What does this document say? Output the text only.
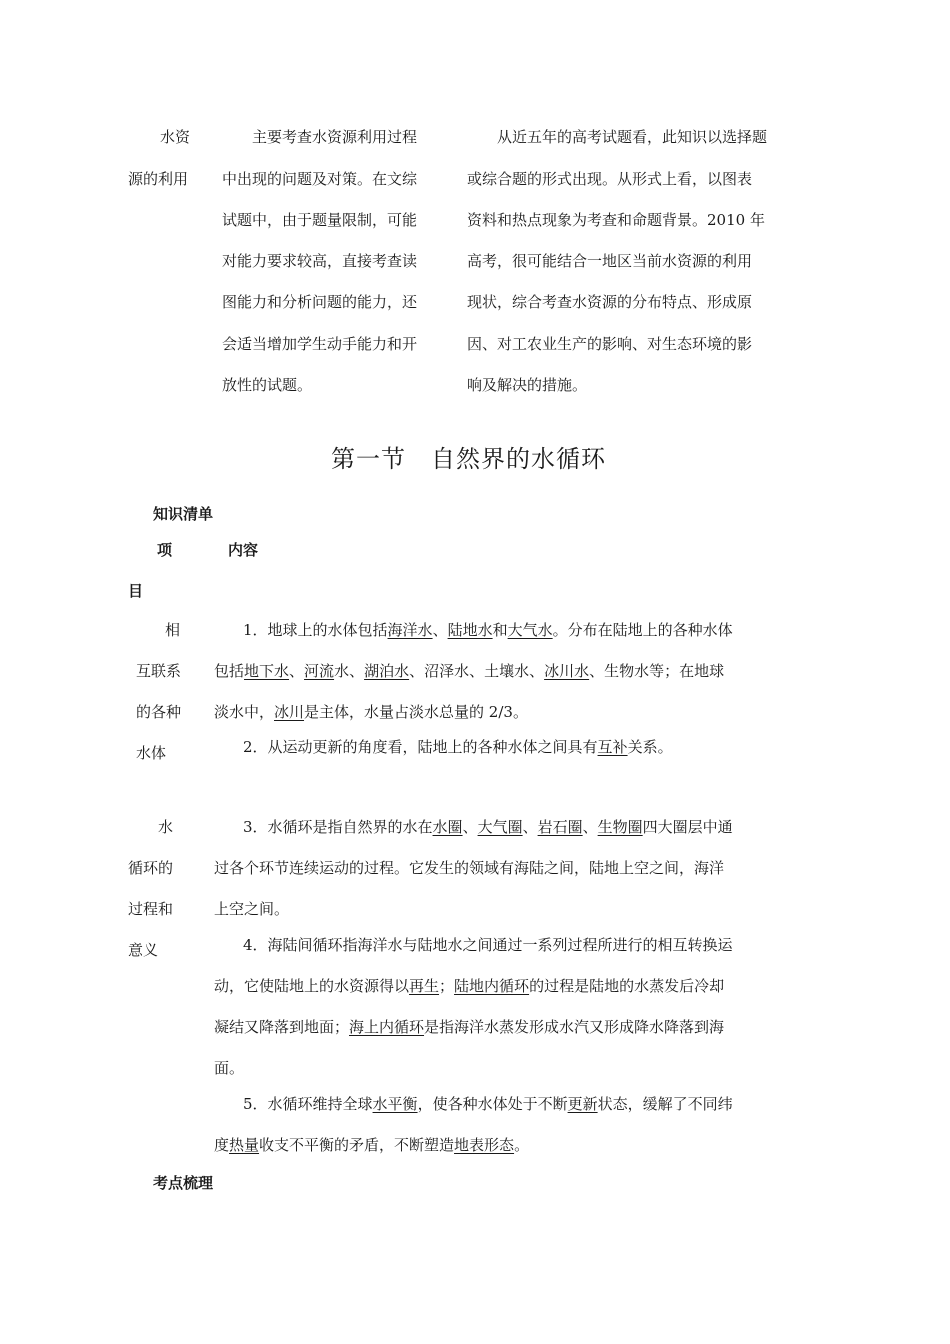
水资
源的利用
主要考查水资源利用过程
中出现的问题及对策。在文综
试题中，由于题量限制，可能
对能力要求较高，直接考查读
图能力和分析问题的能力，还
会适当增加学生动手能力和开
放性的试题。
从近五年的高考试题看，此知识以选择题
或综合题的形式出现。从形式上看，以图表
资料和热点现象为考查和命题背景。2010 年
高考，很可能结合一地区当前水资源的利用
现状，综合考查水资源的分布特点、形成原
因、对工农业生产的影响、对生态环境的影
响及解决的措施。
第一节　自然界的水循环
知识清单
项	内容
目
相
互联系
的各种
水体
1．地球上的水体包括海洋水、陆地水和大气水。分布在陆地上的各种水体
包括地下水、河流水、湖泊水、沼泽水、土壤水、冰川水、生物水等；在地球
淡水中，冰川是主体，水量占淡水总量的 2/3。
2．从运动更新的角度看，陆地上的各种水体之间具有互补关系。
水
循环的
过程和
意义
3．水循环是指自然界的水在水圈、大气圈、岩石圈、生物圈四大圈层中通
过各个环节连续运动的过程。它发生的领域有海陆之间，陆地上空之间，海洋
上空之间。
4．海陆间循环指海洋水与陆地水之间通过一系列过程所进行的相互转换运
动，它使陆地上的水资源得以再生；陆地内循环的过程是陆地的水蒸发后冷却
凝结又降落到地面；海上内循环是指海洋水蒸发形成水汽又形成降水降落到海
面。
5．水循环维持全球水平衡，使各种水体处于不断更新状态，缓解了不同纬
度热量收支不平衡的矛盾，不断塑造地表形态。
考点梳理
